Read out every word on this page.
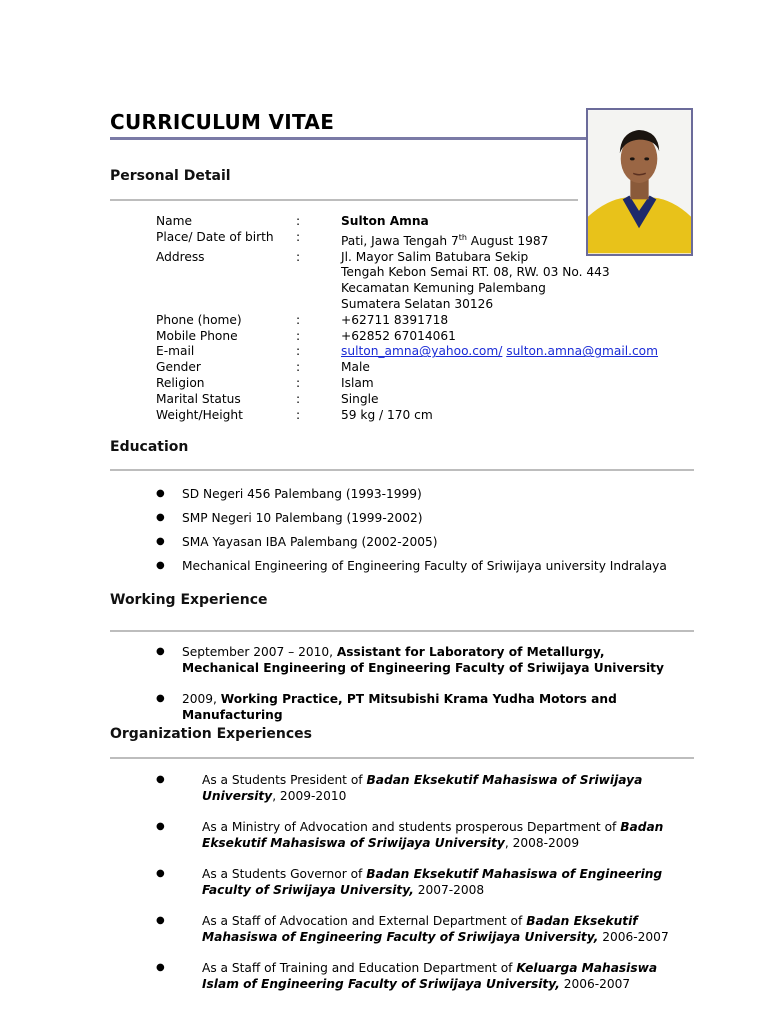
CURRICULUM VITAE
Personal Detail
Name	:	Sulton Amna
Place/ Date of birth	:	Pati, Jawa Tengah 7th August 1987
Address	:	Jl. Mayor Salim Batubara Sekip
Tengah Kebon Semai RT. 08, RW. 03 No. 443
Kecamatan Kemuning Palembang
Sumatera Selatan 30126
Phone (home)	:	+62711 8391718
Mobile Phone	:	+62852 67014061
E-mail	:	sulton_amna@yahoo.com/ sulton.amna@gmail.com
Gender	:	Male
Religion	:	Islam
Marital Status	:	Single
Weight/Height	:	59 kg / 170 cm
Education
● SD Negeri 456 Palembang (1993-1999)
● SMP Negeri 10 Palembang (1999-2002)
● SMA Yayasan IBA Palembang (2002-2005)
● Mechanical Engineering of Engineering Faculty of Sriwijaya university Indralaya
Working Experience
● September 2007 – 2010, Assistant for Laboratory of Metallurgy, Mechanical Engineering of Engineering Faculty of Sriwijaya University
● 2009, Working Practice, PT Mitsubishi Krama Yudha Motors and Manufacturing
Organization Experiences
●	As a Students President of Badan Eksekutif Mahasiswa of Sriwijaya University, 2009-2010
●	As a Ministry of Advocation and students prosperous Department of Badan Eksekutif Mahasiswa of Sriwijaya University, 2008-2009
●	As a Students Governor of Badan Eksekutif Mahasiswa of Engineering Faculty of Sriwijaya University, 2007-2008
●	As a Staff of Advocation and External Department of Badan Eksekutif Mahasiswa of Engineering Faculty of Sriwijaya University, 2006-2007
●	As a Staff of Training and Education Department of Keluarga Mahasiswa Islam of Engineering Faculty of Sriwijaya University, 2006-2007
